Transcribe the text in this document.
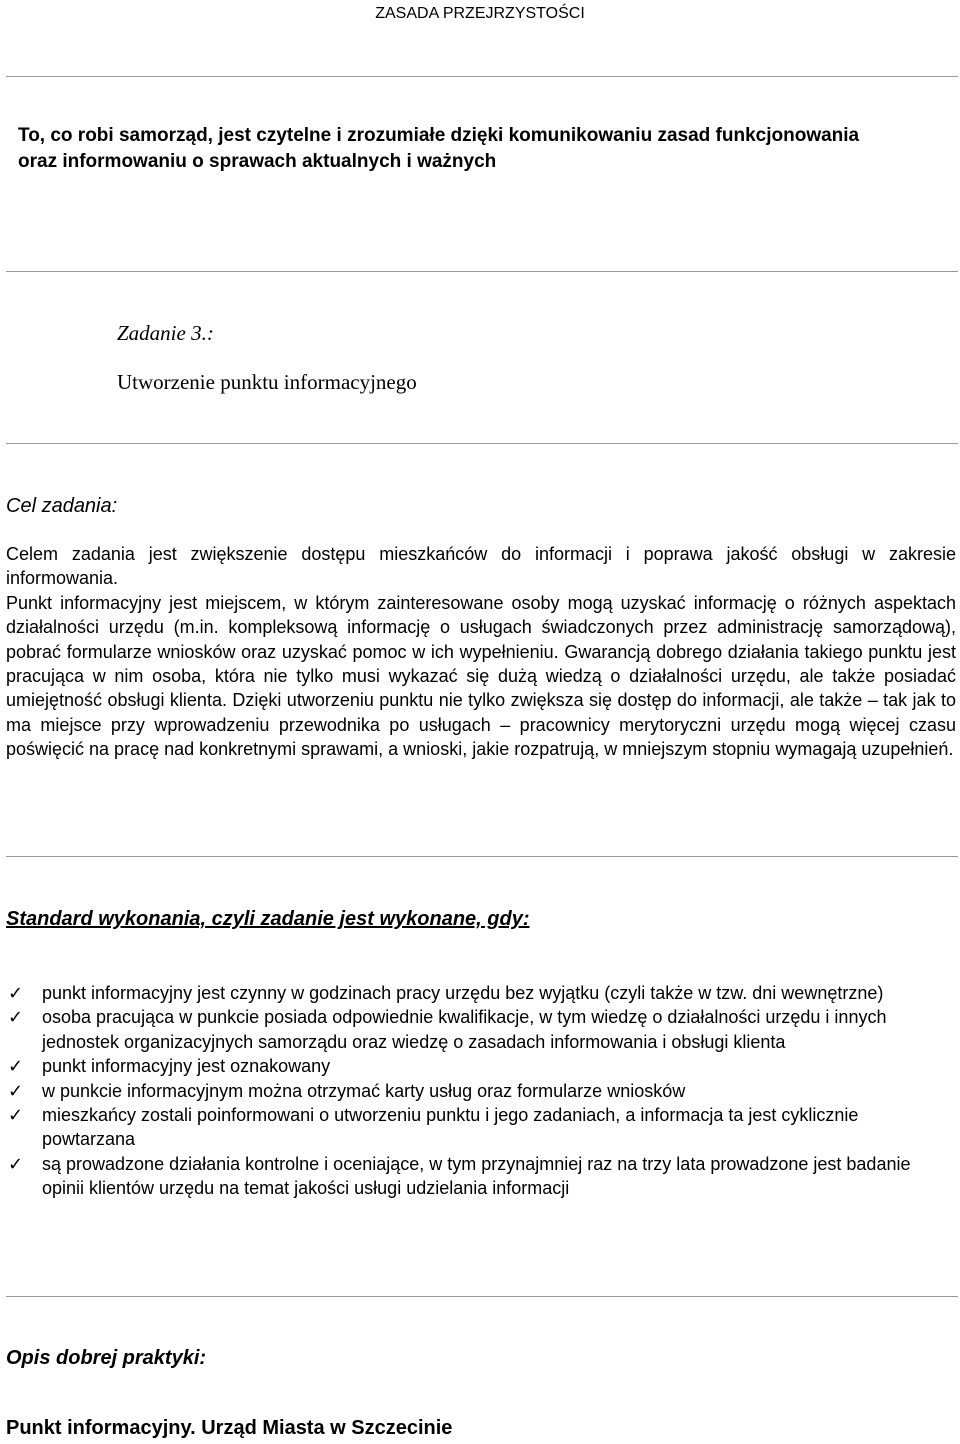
ZASADA PRZEJRZYSTOŚCI
To, co robi samorząd, jest czytelne i zrozumiałe dzięki komunikowaniu zasad funkcjonowania
oraz informowaniu o sprawach aktualnych i ważnych
Zadanie 3.:
Utworzenie punktu informacyjnego
Cel zadania:

Celem zadania jest zwiększenie dostępu mieszkańców do informacji i poprawa jakość obsługi w zakresie informowania.

Punkt informacyjny jest miejscem, w którym zainteresowane osoby mogą uzyskać informację o różnych aspektach działalności urzędu (m.in. kompleksową informację o usługach świadczonych przez administrację samorządową), pobrać formularze wniosków oraz uzyskać pomoc w ich wypełnieniu. Gwarancją dobrego działania takiego punktu jest pracująca w nim osoba, która nie tylko musi wykazać się dużą wiedzą o działalności urzędu, ale także posiadać umiejętność obsługi klienta. Dzięki utworzeniu punktu nie tylko zwiększa się dostęp do informacji, ale także – tak jak to ma miejsce przy wprowadzeniu przewodnika po usługach – pracownicy merytoryczni urzędu mogą więcej czasu poświęcić na pracę nad konkretnymi sprawami, a wnioski, jakie rozpatrują, w mniejszym stopniu wymagają uzupełnień.

Standard wykonania, czyli zadanie jest wykonane, gdy:
✓ punkt informacyjny jest czynny w godzinach pracy urzędu bez wyjątku (czyli także w tzw. dni wewnętrzne)
✓ osoba pracująca w punkcie posiada odpowiednie kwalifikacje, w tym wiedzę o działalności urzędu i innych jednostek organizacyjnych samorządu oraz wiedzę o zasadach informowania i obsługi klienta
✓ punkt informacyjny jest oznakowany
✓ w punkcie informacyjnym można otrzymać karty usług oraz formularze wniosków
✓ mieszkańcy zostali poinformowani o utworzeniu punktu i jego zadaniach, a informacja ta jest cyklicznie powtarzana
✓ są prowadzone działania kontrolne i oceniające, w tym przynajmniej raz na trzy lata prowadzone jest badanie opinii klientów urzędu na temat jakości usługi udzielania informacji
Opis dobrej praktyki:
Punkt informacyjny. Urząd Miasta w Szczecinie
